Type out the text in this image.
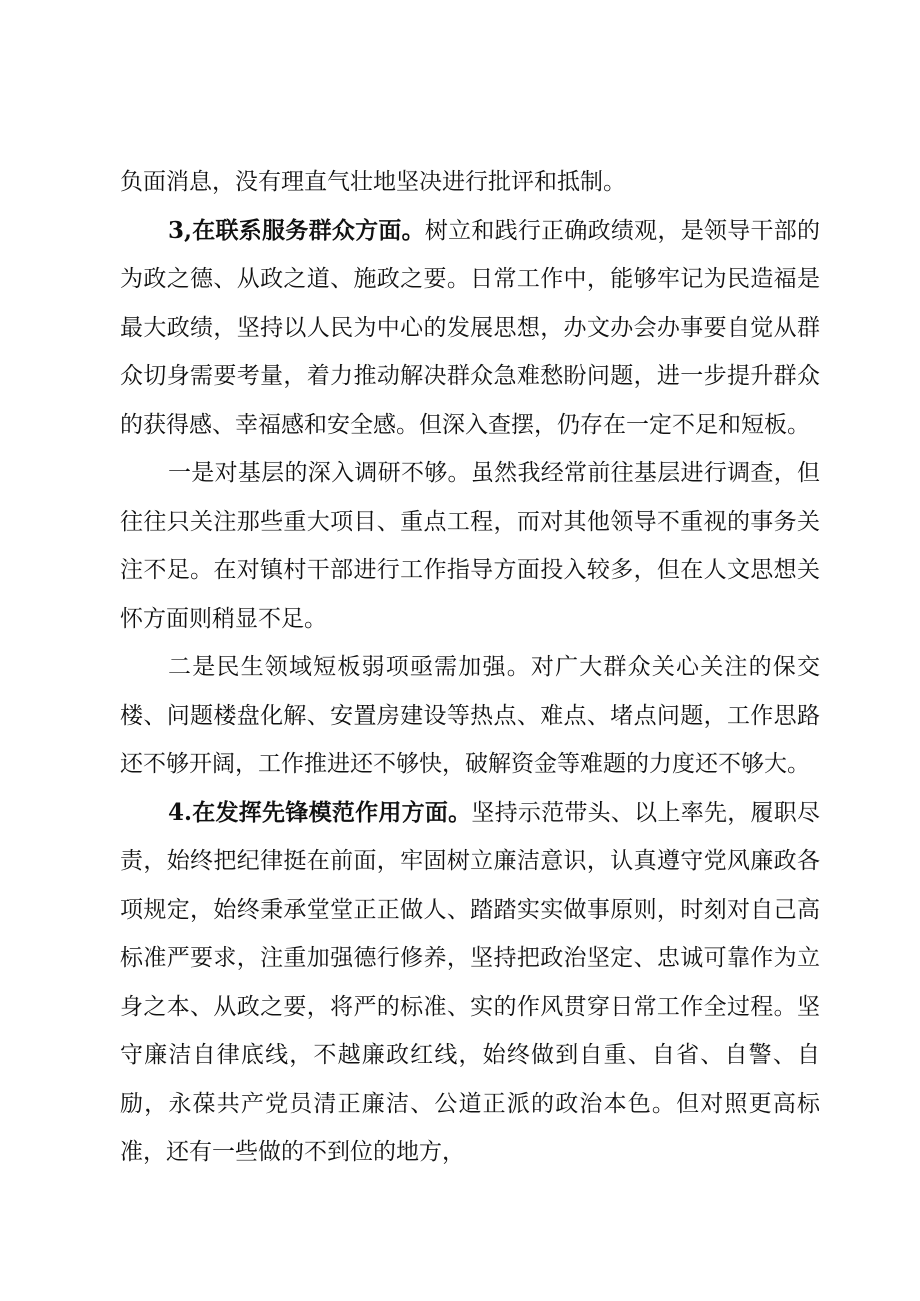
负面消息，没有理直气壮地坚决进行批评和抵制。

3,在联系服务群众方面。树立和践行正确政绩观，是领导干部的为政之德、从政之道、施政之要。日常工作中，能够牢记为民造福是最大政绩，坚持以人民为中心的发展思想，办文办会办事要自觉从群众切身需要考量，着力推动解决群众急难愁盼问题，进一步提升群众的获得感、幸福感和安全感。但深入查摆，仍存在一定不足和短板。

一是对基层的深入调研不够。虽然我经常前往基层进行调查，但往往只关注那些重大项目、重点工程，而对其他领导不重视的事务关注不足。在对镇村干部进行工作指导方面投入较多，但在人文思想关怀方面则稍显不足。

二是民生领域短板弱项亟需加强。对广大群众关心关注的保交楼、问题楼盘化解、安置房建设等热点、难点、堵点问题，工作思路还不够开阔，工作推进还不够快，破解资金等难题的力度还不够大。

4.在发挥先锋模范作用方面。坚持示范带头、以上率先，履职尽责，始终把纪律挺在前面，牢固树立廉洁意识，认真遵守党风廉政各项规定，始终秉承堂堂正正做人、踏踏实实做事原则，时刻对自己高标准严要求，注重加强德行修养，坚持把政治坚定、忠诚可靠作为立身之本、从政之要，将严的标准、实的作风贯穿日常工作全过程。坚守廉洁自律底线，不越廉政红线，始终做到自重、自省、自警、自励，永葆共产党员清正廉洁、公道正派的政治本色。但对照更高标准，还有一些做的不到位的地方，
